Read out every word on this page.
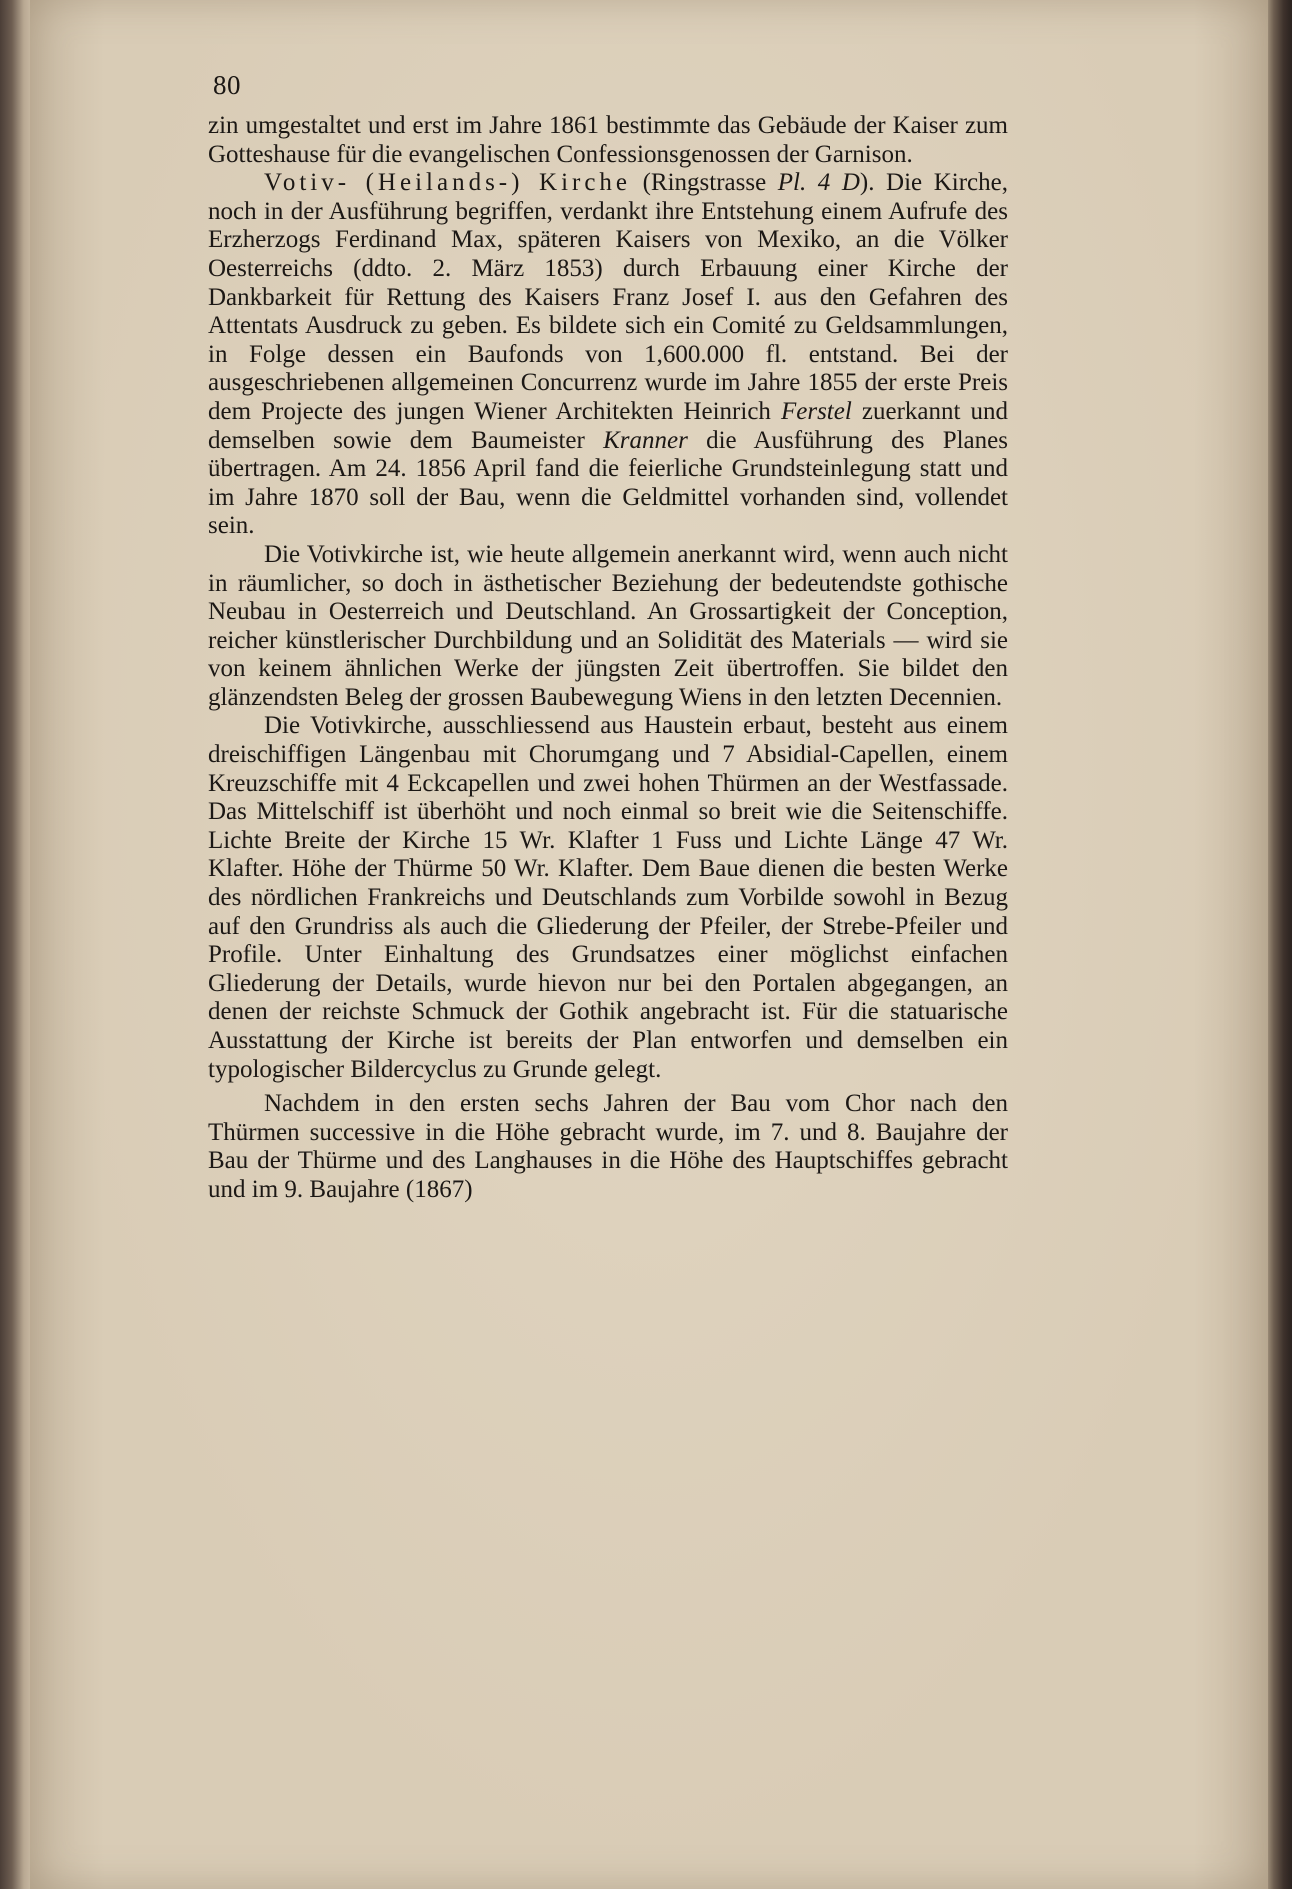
80

zin umgestaltet und erst im Jahre 1861 bestimmte das Gebäude der Kaiser zum Gotteshause für die evangelischen Confessionsgenossen der Garnison.

Votiv- (Heilands-) Kirche (Ringstrasse Pl. 4 D). Die Kirche, noch in der Ausführung begriffen, verdankt ihre Entstehung einem Aufrufe des Erzherzogs Ferdinand Max, späteren Kaisers von Mexiko, an die Völker Oesterreichs (ddto. 2. März 1853) durch Erbauung einer Kirche der Dankbarkeit für Rettung des Kaisers Franz Josef I. aus den Gefahren des Attentats Ausdruck zu geben. Es bildete sich ein Comité zu Geldsammlungen, in Folge dessen ein Baufonds von 1,600.000 fl. entstand. Bei der ausgeschriebenen allgemeinen Concurrenz wurde im Jahre 1855 der erste Preis dem Projecte des jungen Wiener Architekten Heinrich Ferstel zuerkannt und demselben sowie dem Baumeister Kranner die Ausführung des Planes übertragen. Am 24. 1856 April fand die feierliche Grundsteinlegung statt und im Jahre 1870 soll der Bau, wenn die Geldmittel vorhanden sind, vollendet sein.

Die Votivkirche ist, wie heute allgemein anerkannt wird, wenn auch nicht in räumlicher, so doch in ästhetischer Beziehung der bedeutendste gothische Neubau in Oesterreich und Deutschland. An Grossartigkeit der Conception, reicher künstlerischer Durchbildung und an Solidität des Materials — wird sie von keinem ähnlichen Werke der jüngsten Zeit übertroffen. Sie bildet den glänzendsten Beleg der grossen Baubewegung Wiens in den letzten Decennien.

Die Votivkirche, ausschliessend aus Haustein erbaut, besteht aus einem dreischiffigen Längenbau mit Chorumgang und 7 Absidial-Capellen, einem Kreuzschiffe mit 4 Eckcapellen und zwei hohen Thürmen an der Westfassade. Das Mittelschiff ist überhöht und noch einmal so breit wie die Seitenschiffe. Lichte Breite der Kirche 15 Wr. Klafter 1 Fuss und Lichte Länge 47 Wr. Klafter. Höhe der Thürme 50 Wr. Klafter. Dem Baue dienen die besten Werke des nördlichen Frankreichs und Deutschlands zum Vorbilde sowohl in Bezug auf den Grundriss als auch die Gliederung der Pfeiler, der Strebe-Pfeiler und Profile. Unter Einhaltung des Grundsatzes einer möglichst einfachen Gliederung der Details, wurde hievon nur bei den Portalen abgegangen, an denen der reichste Schmuck der Gothik angebracht ist. Für die statuarische Ausstattung der Kirche ist bereits der Plan entworfen und demselben ein typologischer Bildercyclus zu Grunde gelegt.

Nachdem in den ersten sechs Jahren der Bau vom Chor nach den Thürmen successive in die Höhe gebracht wurde, im 7. und 8. Baujahre der Bau der Thürme und des Langhauses in die Höhe des Hauptschiffes gebracht und im 9. Baujahre (1867)
